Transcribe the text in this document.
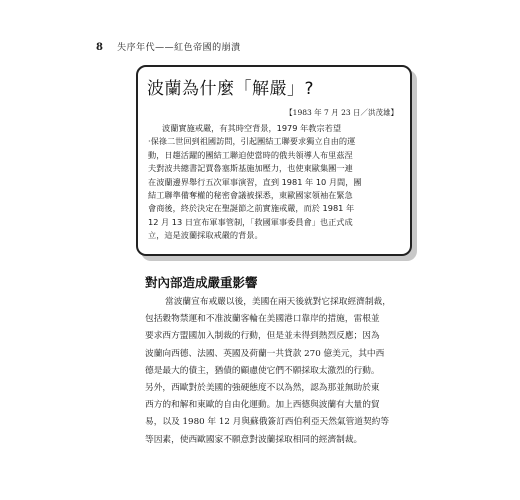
8 失序年代——紅色帝國的崩潰
波蘭為什麼「解嚴」?
【1983 年 7 月 23 日／洪茂雄】

波蘭實施戒嚴，有其時空背景，1979 年教宗若望
‧保祿二世回到祖國訪問，引起團結工聯要求獨立自由的運
動，日趨活躍的團結工聯迫使當時的俄共領導人布里茲涅
夫對波共總書記賈魯塞斯基施加壓力，也使東歐集團一連
在波蘭邊界舉行五次軍事演習，直到 1981 年 10 月間，團
結工聯準備奪權的秘密會議被探悉，東歐國家領袖在緊急
會商後，終於決定在聖誕節之前實施戒嚴，而於 1981 年
12 月 13 日宣布軍事管制，「救國軍事委員會」也正式成
立，這是波蘭採取戒嚴的背景。

對內部造成嚴重影響

當波蘭宣布戒嚴以後，美國在兩天後就對它採取經濟制裁，
包括穀物禁運和不准波蘭客輪在美國港口靠岸的措施，雷根並
要求西方盟國加入制裁的行動，但是並未得到熱烈反應；因為
波蘭向西德、法國、英國及荷蘭一共貸款 270 億美元，其中西
德是最大的債主，猶債的顧慮使它們不願採取太激烈的行動。
另外，西歐對於美國的強硬態度不以為然，認為那並無助於東
西方的和解和東歐的自由化運動。加上西德與波蘭有大量的貿
易，以及 1980 年 12 月與蘇俄簽訂西伯利亞天然氣管道契約等
等因素，使西歐國家不願意對波蘭採取相同的經濟制裁。
